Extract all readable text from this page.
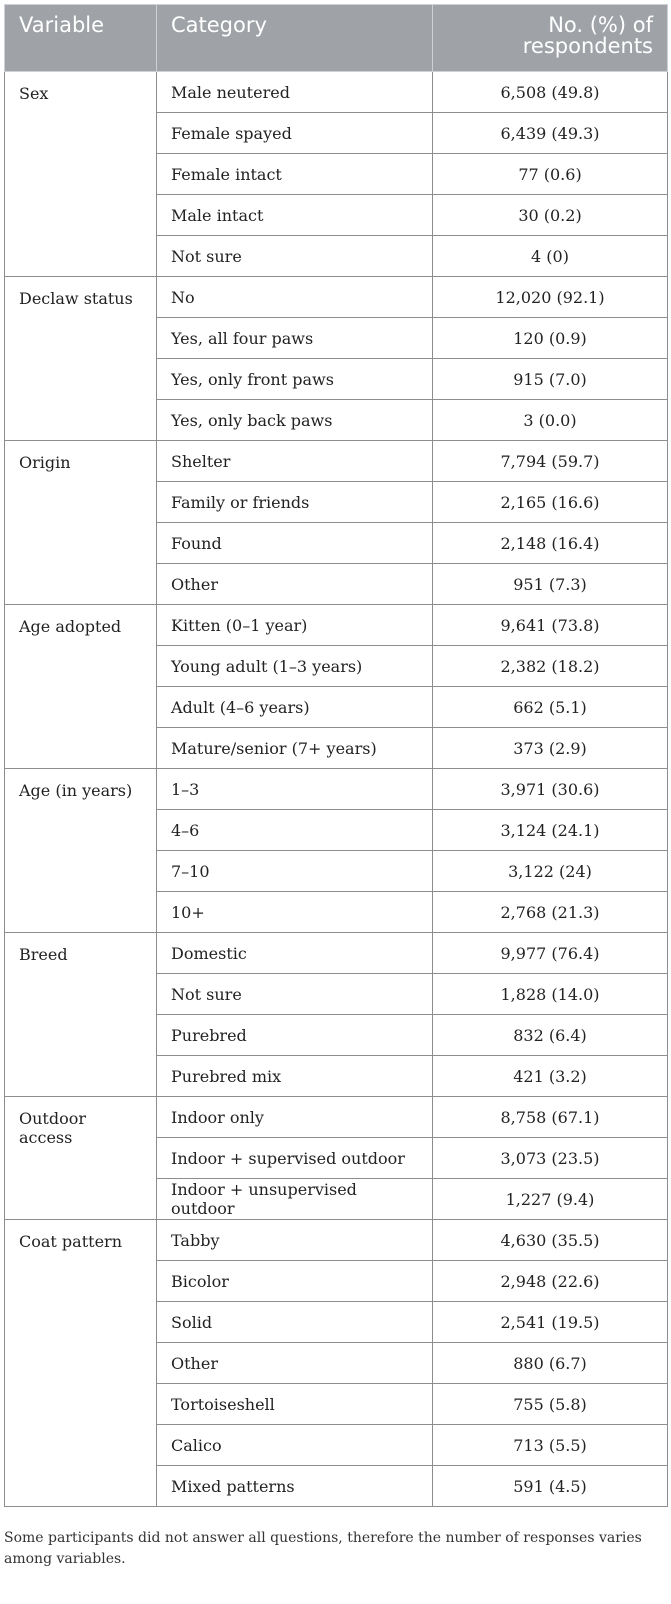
Variable	Category	No. (%) of respondents

Sex	Male neutered	6,508 (49.8)
	Female spayed	6,439 (49.3)
	Female intact	77 (0.6)
	Male intact	30 (0.2)
	Not sure	4 (0)
Declaw status	No	12,020 (92.1)
	Yes, all four paws	120 (0.9)
	Yes, only front paws	915 (7.0)
	Yes, only back paws	3 (0.0)
Origin	Shelter	7,794 (59.7)
	Family or friends	2,165 (16.6)
	Found	2,148 (16.4)
	Other	951 (7.3)
Age adopted	Kitten (0–1 year)	9,641 (73.8)
	Young adult (1–3 years)	2,382 (18.2)
	Adult (4–6 years)	662 (5.1)
	Mature/senior (7+ years)	373 (2.9)
Age (in years)	1–3	3,971 (30.6)
	4–6	3,124 (24.1)
	7–10	3,122 (24)
	10+	2,768 (21.3)
Breed	Domestic	9,977 (76.4)
	Not sure	1,828 (14.0)
	Purebred	832 (6.4)
	Purebred mix	421 (3.2)
Outdoor access	Indoor only	8,758 (67.1)
	Indoor + supervised outdoor	3,073 (23.5)
	Indoor + unsupervised outdoor	1,227 (9.4)
Coat pattern	Tabby	4,630 (35.5)
	Bicolor	2,948 (22.6)
	Solid	2,541 (19.5)
	Other	880 (6.7)
	Tortoiseshell	755 (5.8)
	Calico	713 (5.5)
	Mixed patterns	591 (4.5)
Some participants did not answer all questions, therefore the number of responses varies among variables.
